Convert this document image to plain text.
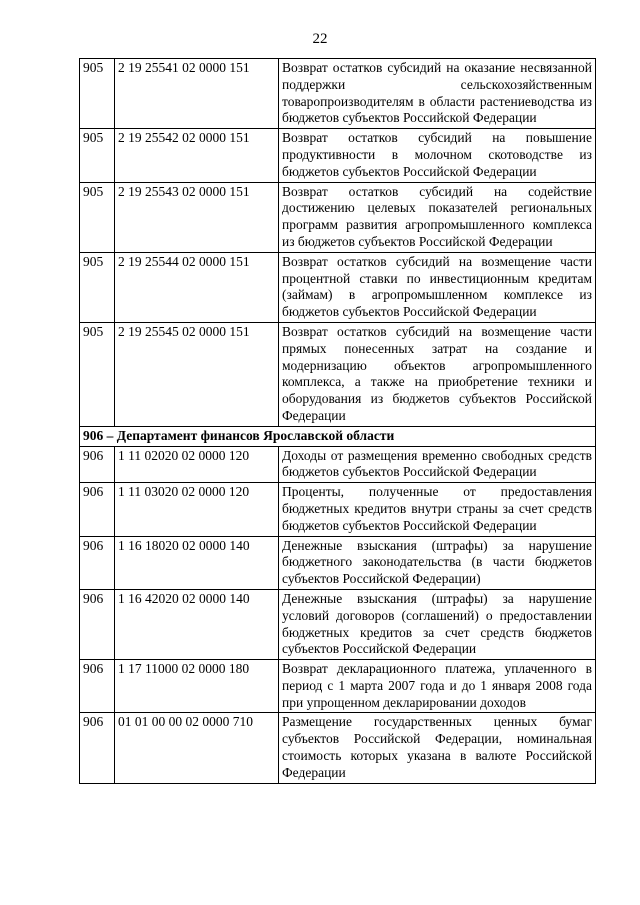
22
905	2 19 25541 02 0000 151	Возврат остатков субсидий на оказание несвязанной поддержки сельскохозяйственным товаропроизводителям в области растениеводства из бюджетов субъектов Российской Федерации
905	2 19 25542 02 0000 151	Возврат остатков субсидий на повышение продуктивности в молочном скотоводстве из бюджетов субъектов Российской Федерации
905	2 19 25543 02 0000 151	Возврат остатков субсидий на содействие достижению целевых показателей региональных программ развития агропромышленного комплекса из бюджетов субъектов Российской Федерации
905	2 19 25544 02 0000 151	Возврат остатков субсидий на возмещение части процентной ставки по инвестиционным кредитам (займам) в агропромышленном комплексе из бюджетов субъектов Российской Федерации
905	2 19 25545 02 0000 151	Возврат остатков субсидий на возмещение части прямых понесенных затрат на создание и модернизацию объектов агропромышленного комплекса, а также на приобретение техники и оборудования из бюджетов субъектов Российской Федерации
906 – Департамент финансов Ярославской области		
906	1 11 02020 02 0000 120	Доходы от размещения временно свободных средств бюджетов субъектов Российской Федерации
906	1 11 03020 02 0000 120	Проценты, полученные от предоставления бюджетных кредитов внутри страны за счет средств бюджетов субъектов Российской Федерации
906	1 16 18020 02 0000 140	Денежные взыскания (штрафы) за нарушение бюджетного законодательства (в части бюджетов субъектов Российской Федерации)
906	1 16 42020 02 0000 140	Денежные взыскания (штрафы) за нарушение условий договоров (соглашений) о предоставлении бюджетных кредитов за счет средств бюджетов субъектов Российской Федерации
906	1 17 11000 02 0000 180	Возврат декларационного платежа, уплаченного в период с 1 марта 2007 года и до 1 января 2008 года при упрощенном декларировании доходов
906	01 01 00 00 02 0000 710	Размещение государственных ценных бумаг субъектов Российской Федерации, номинальная стоимость которых указана в валюте Российской Федерации
